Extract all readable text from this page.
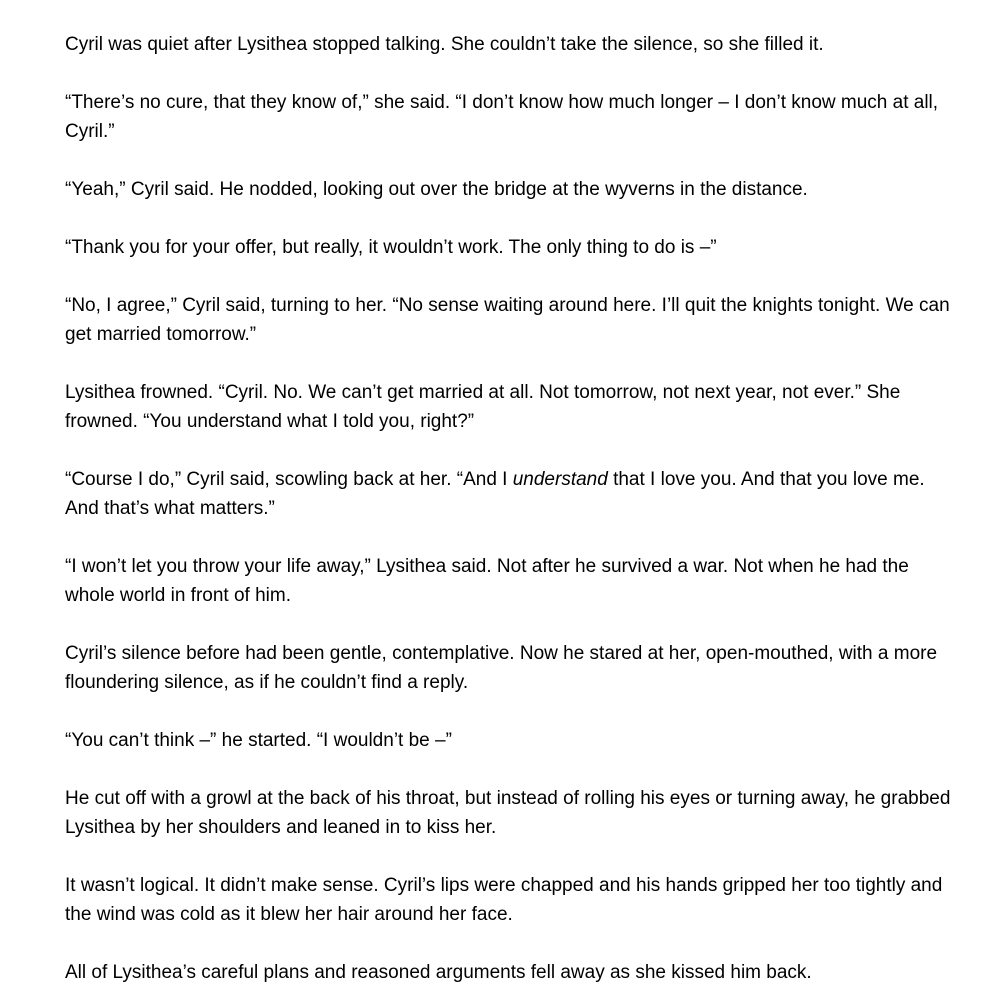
Cyril was quiet after Lysithea stopped talking. She couldn’t take the silence, so she filled it.

“There’s no cure, that they know of,” she said. “I don’t know how much longer – I don’t know much at all, Cyril.”

“Yeah,” Cyril said. He nodded, looking out over the bridge at the wyverns in the distance.

“Thank you for your offer, but really, it wouldn’t work. The only thing to do is –”

“No, I agree,” Cyril said, turning to her. “No sense waiting around here. I’ll quit the knights tonight. We can get married tomorrow.”

Lysithea frowned. “Cyril. No. We can’t get married at all. Not tomorrow, not next year, not ever.” She frowned. “You understand what I told you, right?”

“Course I do,” Cyril said, scowling back at her. “And I understand that I love you. And that you love me. And that’s what matters.”

“I won’t let you throw your life away,” Lysithea said. Not after he survived a war. Not when he had the whole world in front of him.

Cyril’s silence before had been gentle, contemplative. Now he stared at her, open-mouthed, with a more floundering silence, as if he couldn’t find a reply.

“You can’t think –” he started. “I wouldn’t be –”

He cut off with a growl at the back of his throat, but instead of rolling his eyes or turning away, he grabbed Lysithea by her shoulders and leaned in to kiss her.

It wasn’t logical. It didn’t make sense. Cyril’s lips were chapped and his hands gripped her too tightly and the wind was cold as it blew her hair around her face.

All of Lysithea’s careful plans and reasoned arguments fell away as she kissed him back.
